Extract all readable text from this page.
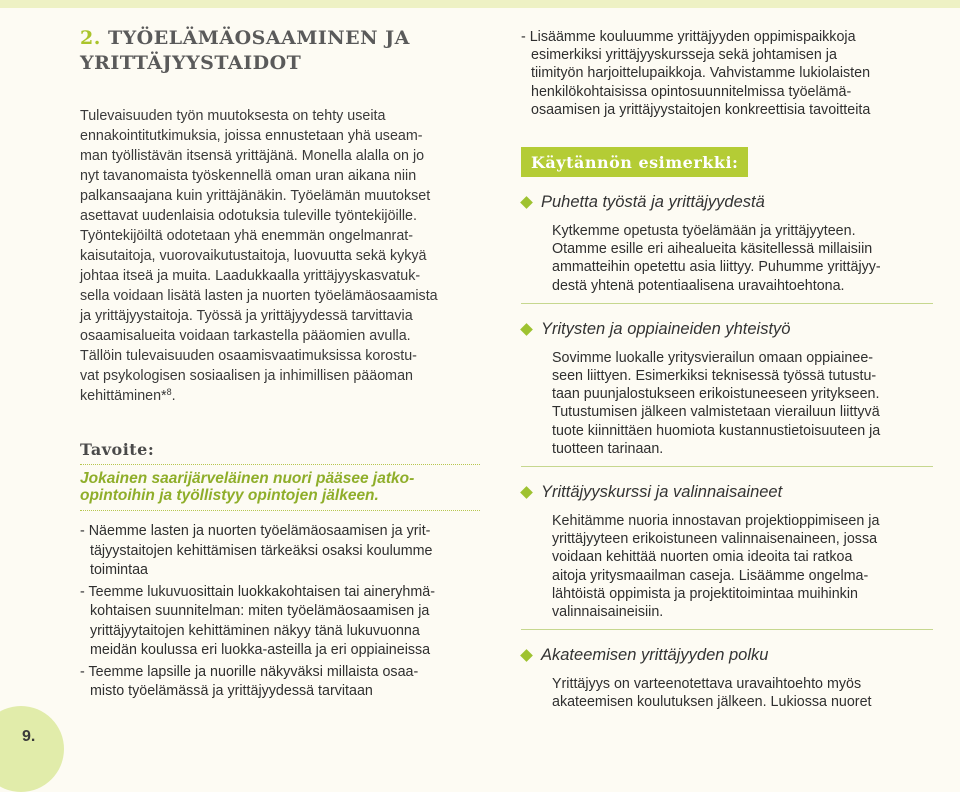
2. TYÖELÄMÄOSAAMINEN JA
YRITTÄJYYSTAIDOT

Tulevaisuuden työn muutoksesta on tehty useita
ennakointitutkimuksia, joissa ennustetaan yhä useam-
man työllistävän itsensä yrittäjänä. Monella alalla on jo
nyt tavanomaista työskennellä oman uran aikana niin
palkansaajana kuin yrittäjänäkin. Työelämän muutokset
asettavat uudenlaisia odotuksia tuleville työntekijöille.
Työntekijöiltä odotetaan yhä enemmän ongelmanrat-
kaisutaitoja, vuorovaikutustaitoja, luovuutta sekä kykyä
johtaa itseä ja muita. Laadukkaalla yrittäjyyskasvatuk-
sella voidaan lisätä lasten ja nuorten työelämäosaamista
ja yrittäjyystaitoja. Työssä ja yrittäjyydessä tarvittavia
osaamisalueita voidaan tarkastella pääomien avulla.
Tällöin tulevaisuuden osaamisvaatimuksissa korostu-
vat psykologisen sosiaalisen ja inhimillisen pääoman
kehittäminen*$^8$.

Tavoite:
Jokainen saarijärveläinen nuori pääsee jatko-
opintoihin ja työllistyy opintojen jälkeen.
- Näemme lasten ja nuorten työelämäosaamisen ja yrit-
täjyystaitojen kehittämisen tärkeäksi osaksi koulumme
toimintaa
- Teemme lukuvuosittain luokkakohtaisen tai aineryhmä-
kohtaisen suunnitelman: miten työelämäosaamisen ja
yrittäjyytaitojen kehittäminen näkyy tänä lukuvuonna
meidän koulussa eri luokka-asteilla ja eri oppiaineissa
- Teemme lapsille ja nuorille näkyväksi millaista osaa-
misto työelämässä ja yrittäjyydessä tarvitaan

- Lisäämme kouluumme yrittäjyyden oppimispaikkoja
esimerkiksi yrittäjyyskursseja sekä johtamisen ja
tiimityön harjoittelupaikkoja. Vahvistamme lukiolaisten
henkilökohtaisissa opintosuunnitelmissa työelämä-
osaamisen ja yrittäjyystaitojen konkreettisia tavoitteita

Käytännön esimerkki:
Puhetta työstä ja yrittäjyydestä
Kytkemme opetusta työelämään ja yrittäjyyteen.
Otamme esille eri aihealueita käsitellessä millaisiin
ammatteihin opetettu asia liittyy. Puhumme yrittäjyy-
destä yhtenä potentiaalisena uravaihtoehtona.
Yritysten ja oppiaineiden yhteistyö
Sovimme luokalle yritysvierailun omaan oppiainee-
seen liittyen. Esimerkiksi teknisessä työssä tutustu-
taan puunjalostukseen erikoistuneeseen yritykseen.
Tutustumisen jälkeen valmistetaan vierailuun liittyvä
tuote kiinnittäen huomiota kustannustietoisuuteen ja
tuotteen tarinaan.
Yrittäjyyskurssi ja valinnaisaineet
Kehitämme nuoria innostavan projektioppimiseen ja
yrittäjyyteen erikoistuneen valinnaisenaineen, jossa
voidaan kehittää nuorten omia ideoita tai ratkoa
aitoja yritysmaailman caseja. Lisäämme ongelma-
lähtöistä oppimista ja projektitoimintaa muihinkin
valinnaisaineisiin.
Akateemisen yrittäjyyden polku
Yrittäjyys on varteenotettava uravaihtoehto myös
akateemisen koulutuksen jälkeen. Lukiossa nuoret
9.
